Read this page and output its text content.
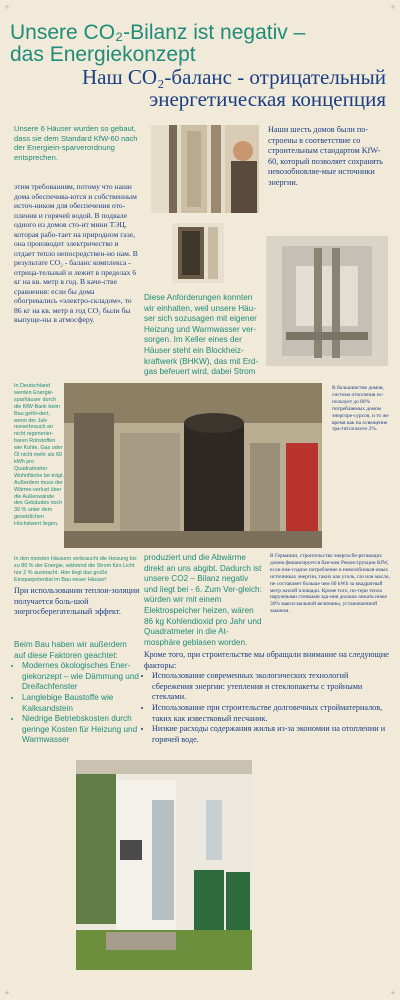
+	+
+	+
Unsere CO₂-Bilanz ist negativ –
das Energiekonzept
Наш CO₂-баланс - отрицательный
энергетическая концепция

Unsere 6 Häuser wurden so gebaut, dass sie dem Standard KfW-60 nach der Energiein-sparverordnung entsprechen.

Наши шесть домов были по-строены в соответствие со строительным стандартом KfW-60, который позволяет сохранять невозобновляе-мые источники энергии.

этим требованиям, потому что наши дома обеспечива-ются и собственным источ-ником для обеспечения ото-пления и горячей водой. В подвале одного из домов сто-ит мини ТЭЦ, которая рабо-тает на природном газе, она производит электричество и отдает тепло непосредствен-но нам. В результате CO₂ - баланс комплекса - отрица-тельный и лежит в пределах 6 кг на кв. метр в год. В каче-стве сравнения: если бы дома обогревались «электро-складом», то 86 кг на кв. метр в год CO₂ были бы выпуще-ны в атмосферу.

Diese Anforderungen konnten wir einhalten, weil unsere Häu-ser sich sozusagen mit eigener Heizung und Warmwasser ver-sorgen. Im Keller eines der Häuser steht ein Blockheiz-kraftwerk (BHKW), das mit Erd-gas befeuert wird, dabei Strom

In Deutschland werden Energie-sparhäuser durch die KfW-Bank beim Bau geför-dert, wenn der Jah-resverbrauch an nicht regenerier-baren Rohstoffen wie Kohle, Gas oder Öl nicht mehr als 60 kWh pro Quadratmeter Wohnfläche be-trägt. Außerdem muss der Wärme-verlust über die Außenwände des Gebäudes noch 30 % unter dem gesetzlichen Höchstwert liegen.

В большинстве домов, система отопления ис-пользует до 80% потребляемых домом энергоре-сурсов, и то же время как на освещение тра-тится всего 2%.

In den meisten Häusern verbraucht die Heizung bis zu 80 % der Energie, während die Strom fürs Licht nur 2 % ausmacht. Hier liegt das große Einsparpotential im Bau neuer Häuser!

При использовании теплои-золяции получается боль-шой энергосберегательный эффект.

produziert und die Abwärme direkt an uns abgibt. Dadurch ist unsere CO2 – Bilanz negativ und liegt bei - 6. Zum Ver-gleich: würden wir mit einem Elektrospeicher heizen, wären 86 kg Kohlendioxid pro Jahr und Quadratmeter in die At-mosphäre geblasen worden.

В Германии, строительство энергосбе-регающих домов финансируется бан-ком Реконструкции KfW, если еже-годное потребление в невозобновля-емых источниках энергии, таких как уголь, газ или масло, не составляет больше чем 60 kWh за квадратный метр жилой площади. Кроме того, по-тери тепла наружными стенками зда-ния должна лежать ниже 30% макси-мальной величины, установленной законом.

Beim Bau haben wir außerdem auf diese Faktoren geachtet:

• Modernes ökologisches Ener-giekonzept – wie Dämmung und Dreifachfenster
• Langlebige Baustoffe wie Kalksandstein
• Niedrige Betriebskosten durch geringe Kosten für Heizung und Warmwasser

Кроме того, при строительстве мы обращали внимание на следующие факторы:

• Использование современных экологических технологий сбережения энергии: утепления и стеклопакеты с тройными стеклами.
• Использование при строительстве долговечных стройматериалов, таких как известковый песчаник.
• Низкие расходы содержания жилья из-за экономии на отоплении и горячей воде.
